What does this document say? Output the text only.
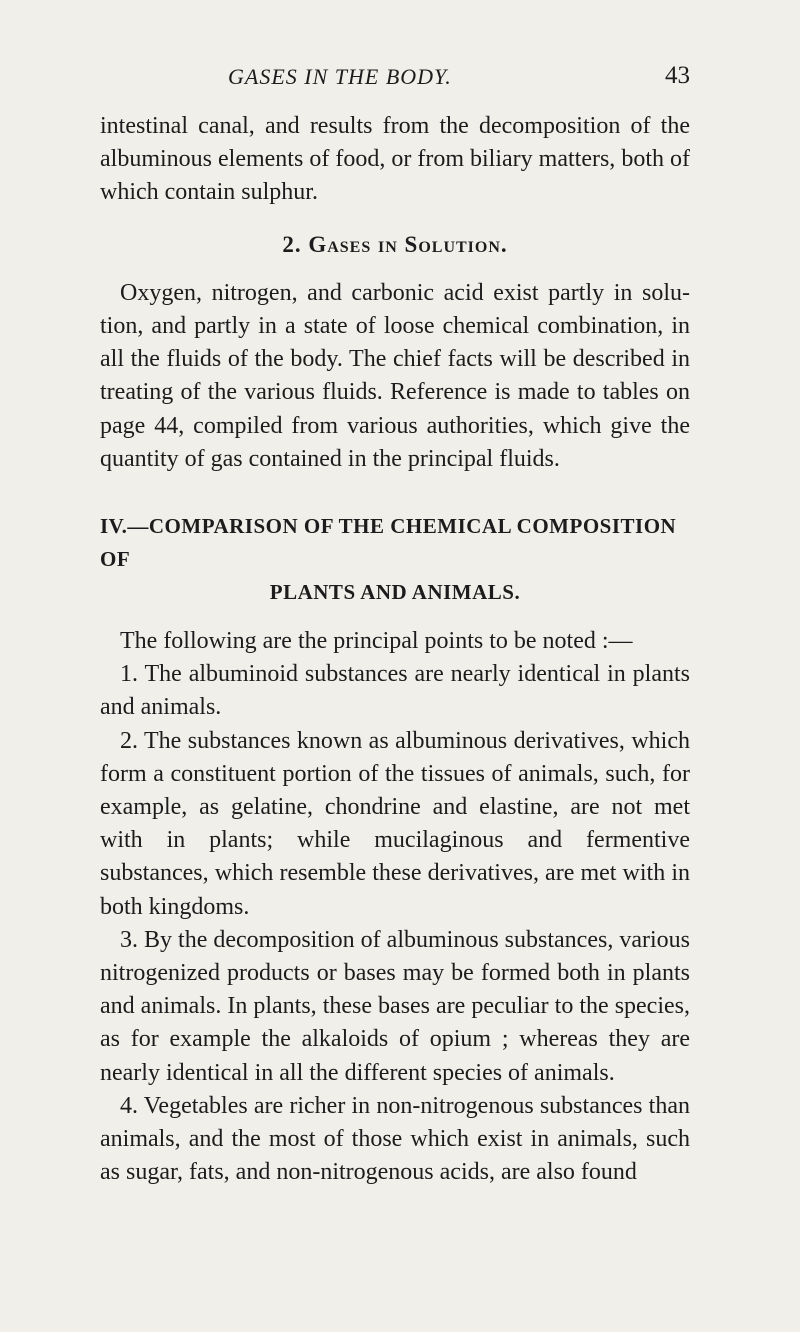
GASES IN THE BODY.	43

intestinal canal, and results from the decomposition of the albuminous elements of food, or from biliary matters, both of which contain sulphur.

2. Gases in Solution.

Oxygen, nitrogen, and carbonic acid exist partly in solution, and partly in a state of loose chemical combination, in all the fluids of the body. The chief facts will be described in treating of the various fluids. Reference is made to tables on page 44, compiled from various authorities, which give the quantity of gas contained in the principal fluids.

IV.—COMPARISON OF THE CHEMICAL COMPOSITION OF
PLANTS AND ANIMALS.

The following are the principal points to be noted :—

1. The albuminoid substances are nearly identical in plants and animals.

2. The substances known as albuminous derivatives, which form a constituent portion of the tissues of animals, such, for example, as gelatine, chondrine and elastine, are not met with in plants; while mucilaginous and fermentive substances, which resemble these derivatives, are met with in both kingdoms.

3. By the decomposition of albuminous substances, various nitrogenized products or bases may be formed both in plants and animals. In plants, these bases are peculiar to the species, as for example the alkaloids of opium ; whereas they are nearly identical in all the different species of animals.

4. Vegetables are richer in non-nitrogenous substances than animals, and the most of those which exist in animals, such as sugar, fats, and non-nitrogenous acids, are also found
